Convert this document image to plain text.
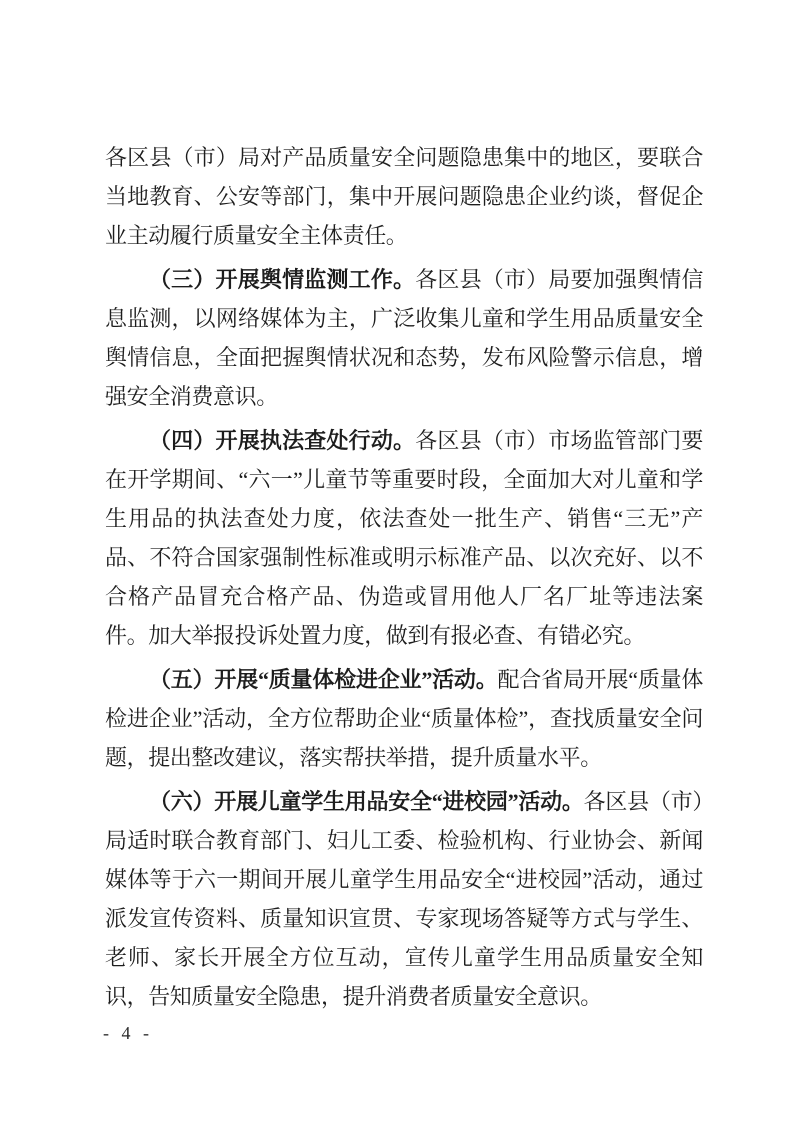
各区县（市）局对产品质量安全问题隐患集中的地区，要联合当地教育、公安等部门，集中开展问题隐患企业约谈，督促企业主动履行质量安全主体责任。

（三）开展舆情监测工作。各区县（市）局要加强舆情信息监测，以网络媒体为主，广泛收集儿童和学生用品质量安全舆情信息，全面把握舆情状况和态势，发布风险警示信息，增强安全消费意识。

（四）开展执法查处行动。各区县（市）市场监管部门要在开学期间、“六一”儿童节等重要时段，全面加大对儿童和学生用品的执法查处力度，依法查处一批生产、销售“三无”产品、不符合国家强制性标准或明示标准产品、以次充好、以不合格产品冒充合格产品、伪造或冒用他人厂名厂址等违法案件。加大举报投诉处置力度，做到有报必查、有错必究。

（五）开展“质量体检进企业”活动。配合省局开展“质量体检进企业”活动，全方位帮助企业“质量体检”，查找质量安全问题，提出整改建议，落实帮扶举措，提升质量水平。

（六）开展儿童学生用品安全“进校园”活动。各区县（市）局适时联合教育部门、妇儿工委、检验机构、行业协会、新闻媒体等于六一期间开展儿童学生用品安全“进校园”活动，通过派发宣传资料、质量知识宣贯、专家现场答疑等方式与学生、老师、家长开展全方位互动，宣传儿童学生用品质量安全知识，告知质量安全隐患，提升消费者质量安全意识。

- 4 -
